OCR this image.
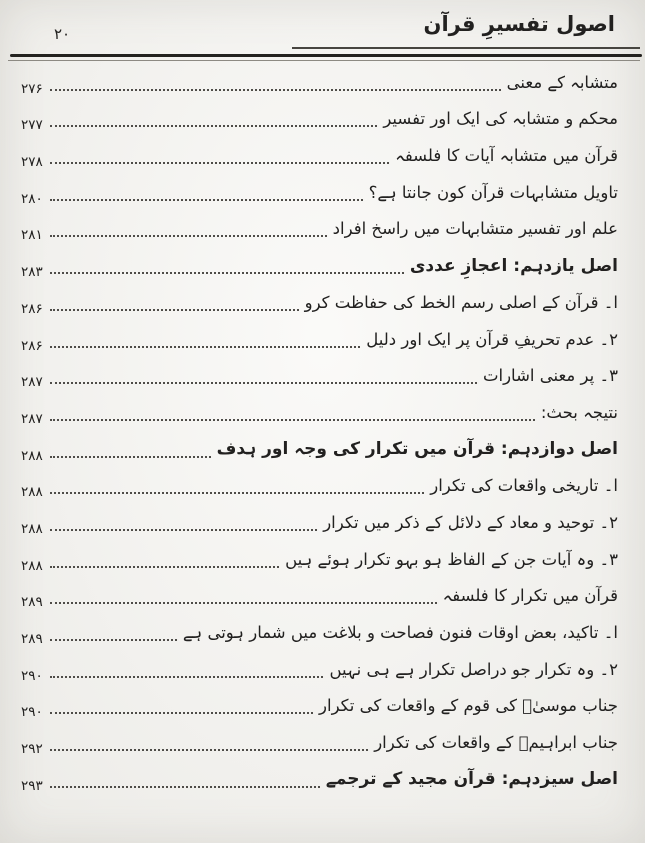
اصول تفسیرِ قرآن
۲۰
متشابہ کے معنی
۲۷۶
محکم و متشابہ کی ایک اور تفسیر
۲۷۷
قرآن میں متشابہ آیات کا فلسفہ
۲۷۸
تاویل متشابہات قرآن کون جانتا ہے؟
۲۸۰
علم اور تفسیر متشابہات میں راسخ افراد
۲۸۱
اصل یازدہم: اعجازِ عددی
۲۸۳
ا۔ قرآن کے اصلی رسم الخط کی حفاظت کرو
۲۸۶
۲۔ عدم تحریفِ قرآن پر ایک اور دلیل
۲۸۶
۳۔ پر معنی اشارات
۲۸۷
نتیجہ بحث:
۲۸۷
اصل دوازدہم: قرآن میں تکرار کی وجہ اور ہدف
۲۸۸
ا۔ تاریخی واقعات کی تکرار
۲۸۸
۲۔ توحید و معاد کے دلائل کے ذکر میں تکرار
۲۸۸
۳۔ وہ آیات جن کے الفاظ ہو بہو تکرار ہوئے ہیں
۲۸۸
قرآن میں تکرار کا فلسفہ
۲۸۹
ا۔ تاکید، بعض اوقات فنون فصاحت و بلاغت میں شمار ہوتی ہے
۲۸۹
۲۔ وہ تکرار جو دراصل تکرار ہے ہی نہیں
۲۹۰
جناب موسیٰؑ کی قوم کے واقعات کی تکرار
۲۹۰
جناب ابراہیمؑ کے واقعات کی تکرار
۲۹۲
اصل سیزدہم: قرآن مجید کے ترجمے
۲۹۳
